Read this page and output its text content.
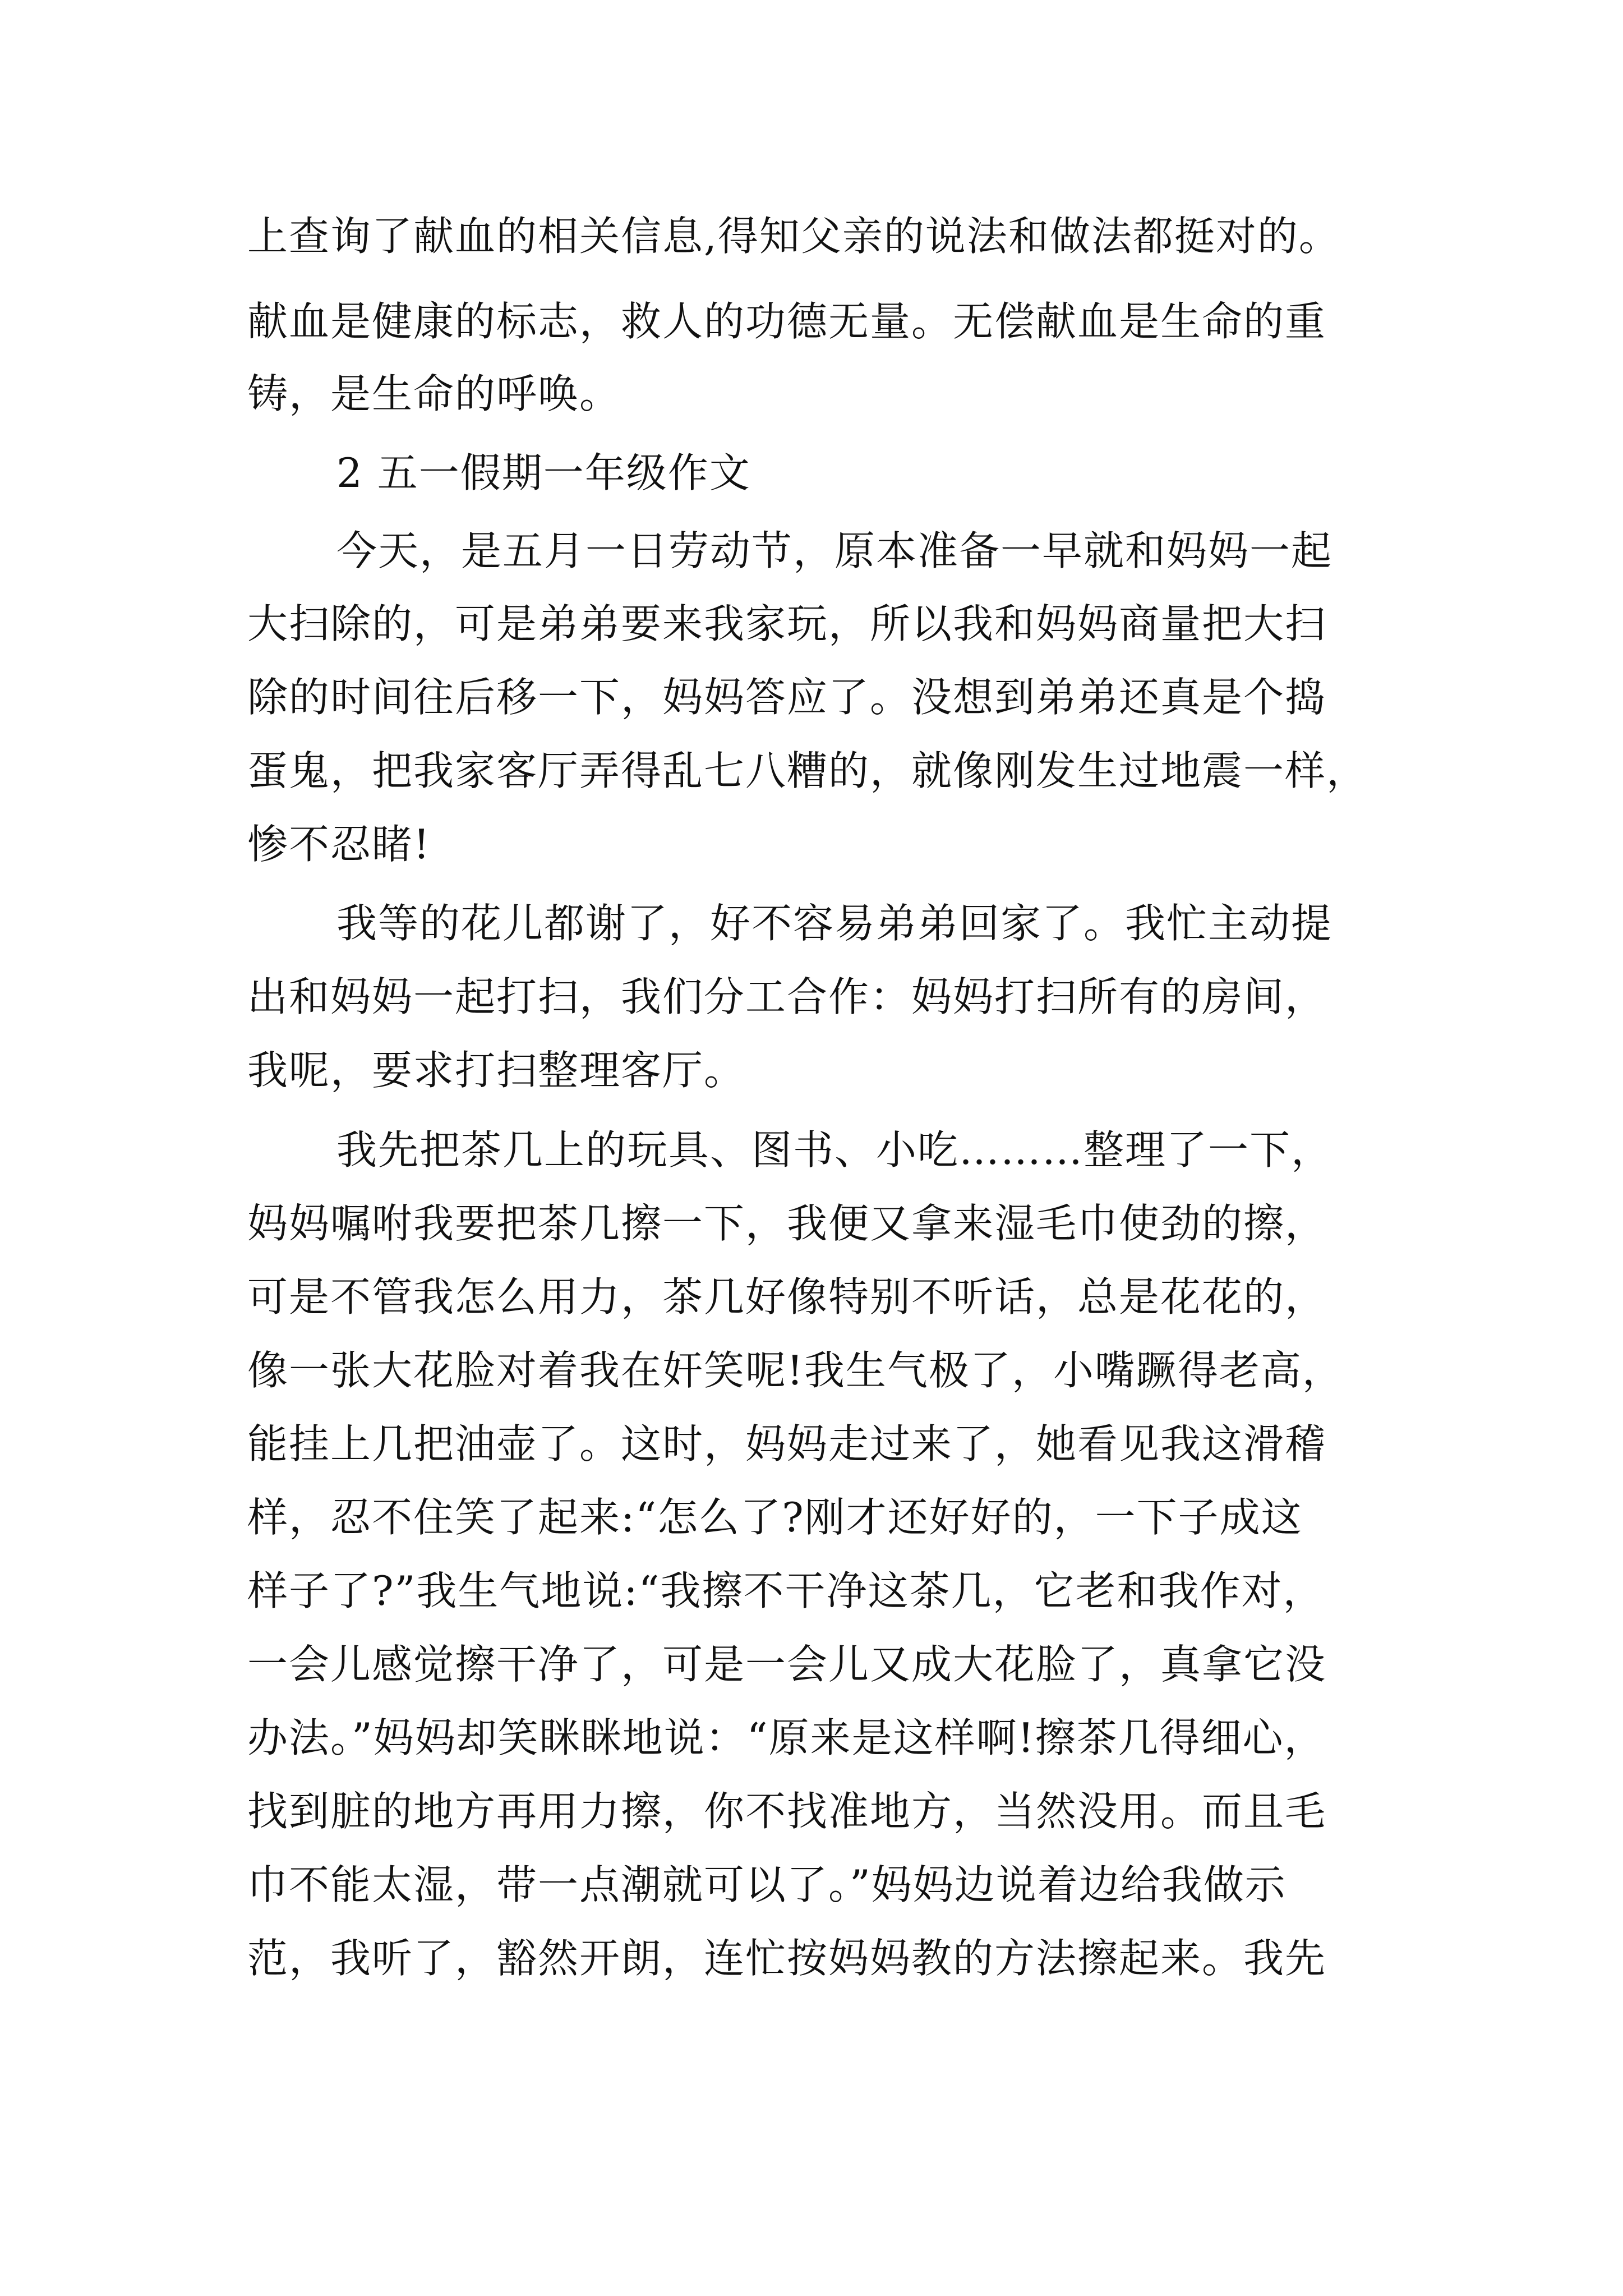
上查询了献血的相关信息,得知父亲的说法和做法都挺对的。
献血是健康的标志，救人的功德无量。无偿献血是生命的重
铸，是生命的呼唤。
2 五一假期一年级作文
今天，是五月一日劳动节，原本准备一早就和妈妈一起
大扫除的，可是弟弟要来我家玩，所以我和妈妈商量把大扫
除的时间往后移一下，妈妈答应了。没想到弟弟还真是个捣
蛋鬼，把我家客厅弄得乱七八糟的，就像刚发生过地震一样，
惨不忍睹!
我等的花儿都谢了，好不容易弟弟回家了。我忙主动提
出和妈妈一起打扫，我们分工合作：妈妈打扫所有的房间，
我呢，要求打扫整理客厅。
我先把茶几上的玩具、图书、小吃………整理了一下，
妈妈嘱咐我要把茶几擦一下，我便又拿来湿毛巾使劲的擦，
可是不管我怎么用力，茶几好像特别不听话，总是花花的，
像一张大花脸对着我在奸笑呢!我生气极了，小嘴蹶得老高，
能挂上几把油壶了。这时，妈妈走过来了，她看见我这滑稽
样，忍不住笑了起来:“怎么了?刚才还好好的，一下子成这
样子了?”我生气地说:“我擦不干净这茶几，它老和我作对，
一会儿感觉擦干净了，可是一会儿又成大花脸了，真拿它没
办法。”妈妈却笑眯眯地说：“原来是这样啊!擦茶几得细心，
找到脏的地方再用力擦，你不找准地方，当然没用。而且毛
巾不能太湿，带一点潮就可以了。”妈妈边说着边给我做示
范，我听了，豁然开朗，连忙按妈妈教的方法擦起来。我先
